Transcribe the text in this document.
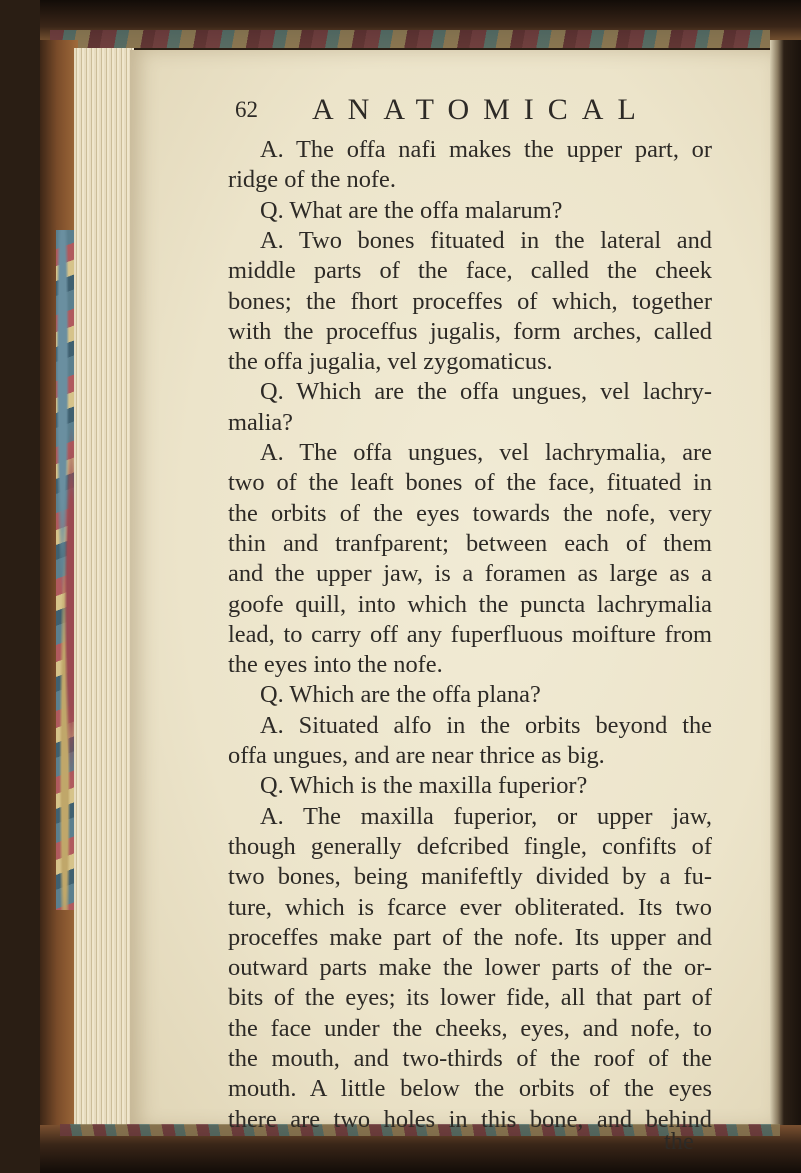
62 ANATOMICAL
A. The offa nafi makes the upper part, or
ridge of the nofe.
Q. What are the offa malarum?
A. Two bones fituated in the lateral and
middle parts of the face, called the cheek
bones; the fhort proceffes of which, together
with the proceffus jugalis, form arches, called
the offa jugalia, vel zygomaticus.
Q. Which are the offa ungues, vel lachry-
malia?
A. The offa ungues, vel lachrymalia, are
two of the leaft bones of the face, fituated in
the orbits of the eyes towards the nofe, very
thin and tranfparent; between each of them
and the upper jaw, is a foramen as large as a
goofe quill, into which the puncta lachrymalia
lead, to carry off any fuperfluous moifture from
the eyes into the nofe.
Q. Which are the offa plana?
A. Situated alfo in the orbits beyond the
offa ungues, and are near thrice as big.
Q. Which is the maxilla fuperior?
A. The maxilla fuperior, or upper jaw,
though generally defcribed fingle, confifts of
two bones, being manifeftly divided by a fu-
ture, which is fcarce ever obliterated. Its two
proceffes make part of the nofe. Its upper and
outward parts make the lower parts of the or-
bits of the eyes; its lower fide, all that part of
the face under the cheeks, eyes, and nofe, to
the mouth, and two-thirds of the roof of the
mouth. A little below the orbits of the eyes
there are two holes in this bone, and behind
the
